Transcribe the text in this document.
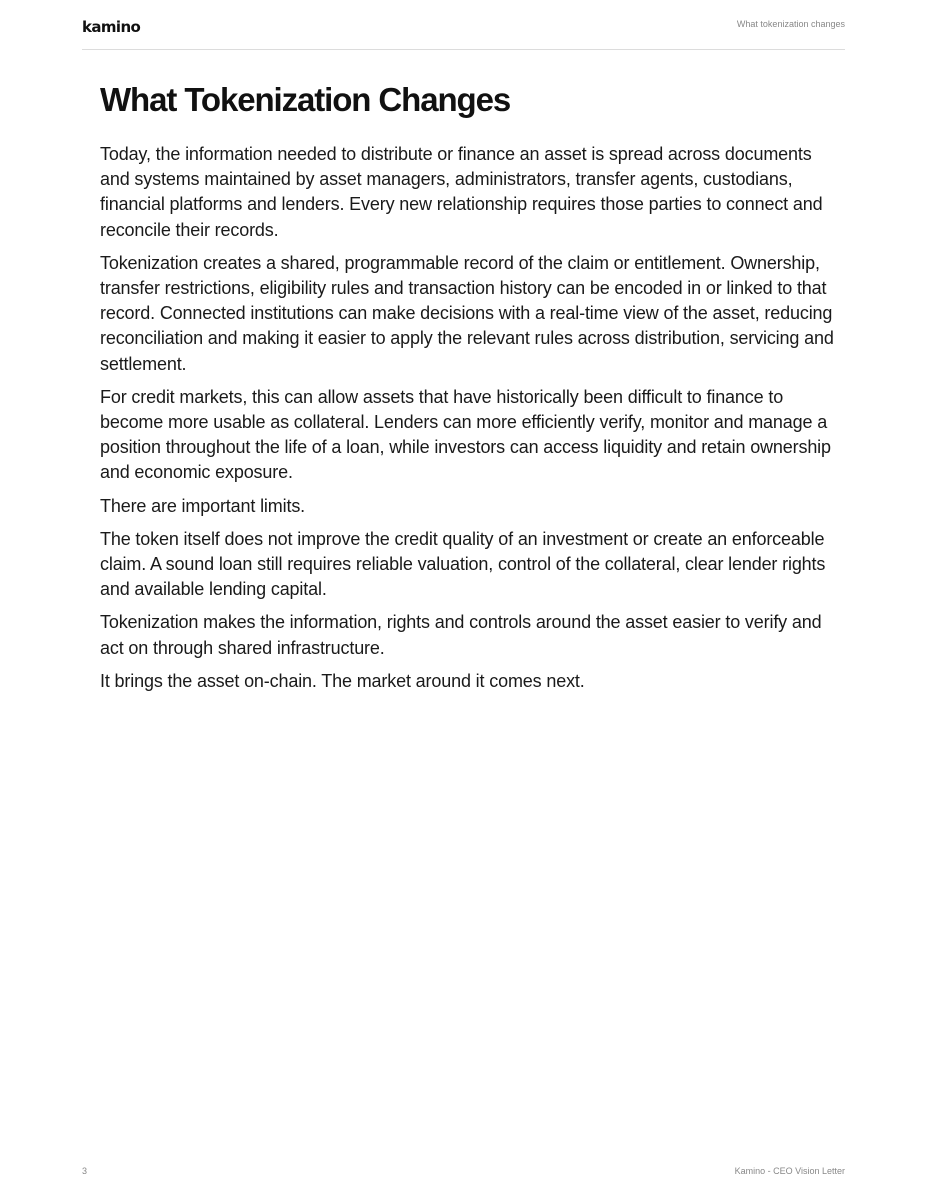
kamino	What tokenization changes
What Tokenization Changes

Today, the information needed to distribute or finance an asset is spread across documents and systems maintained by asset managers, administrators, transfer agents, custodians, financial platforms and lenders. Every new relationship requires those parties to connect and reconcile their records.

Tokenization creates a shared, programmable record of the claim or entitlement. Ownership, transfer restrictions, eligibility rules and transaction history can be encoded in or linked to that record. Connected institutions can make decisions with a real-time view of the asset, reducing reconciliation and making it easier to apply the relevant rules across distribution, servicing and settlement.

For credit markets, this can allow assets that have historically been difficult to finance to become more usable as collateral. Lenders can more efficiently verify, monitor and manage a position throughout the life of a loan, while investors can access liquidity and retain ownership and economic exposure.

There are important limits.

The token itself does not improve the credit quality of an investment or create an enforceable claim. A sound loan still requires reliable valuation, control of the collateral, clear lender rights and available lending capital.

Tokenization makes the information, rights and controls around the asset easier to verify and act on through shared infrastructure.

It brings the asset on-chain. The market around it comes next.

3	Kamino - CEO Vision Letter
